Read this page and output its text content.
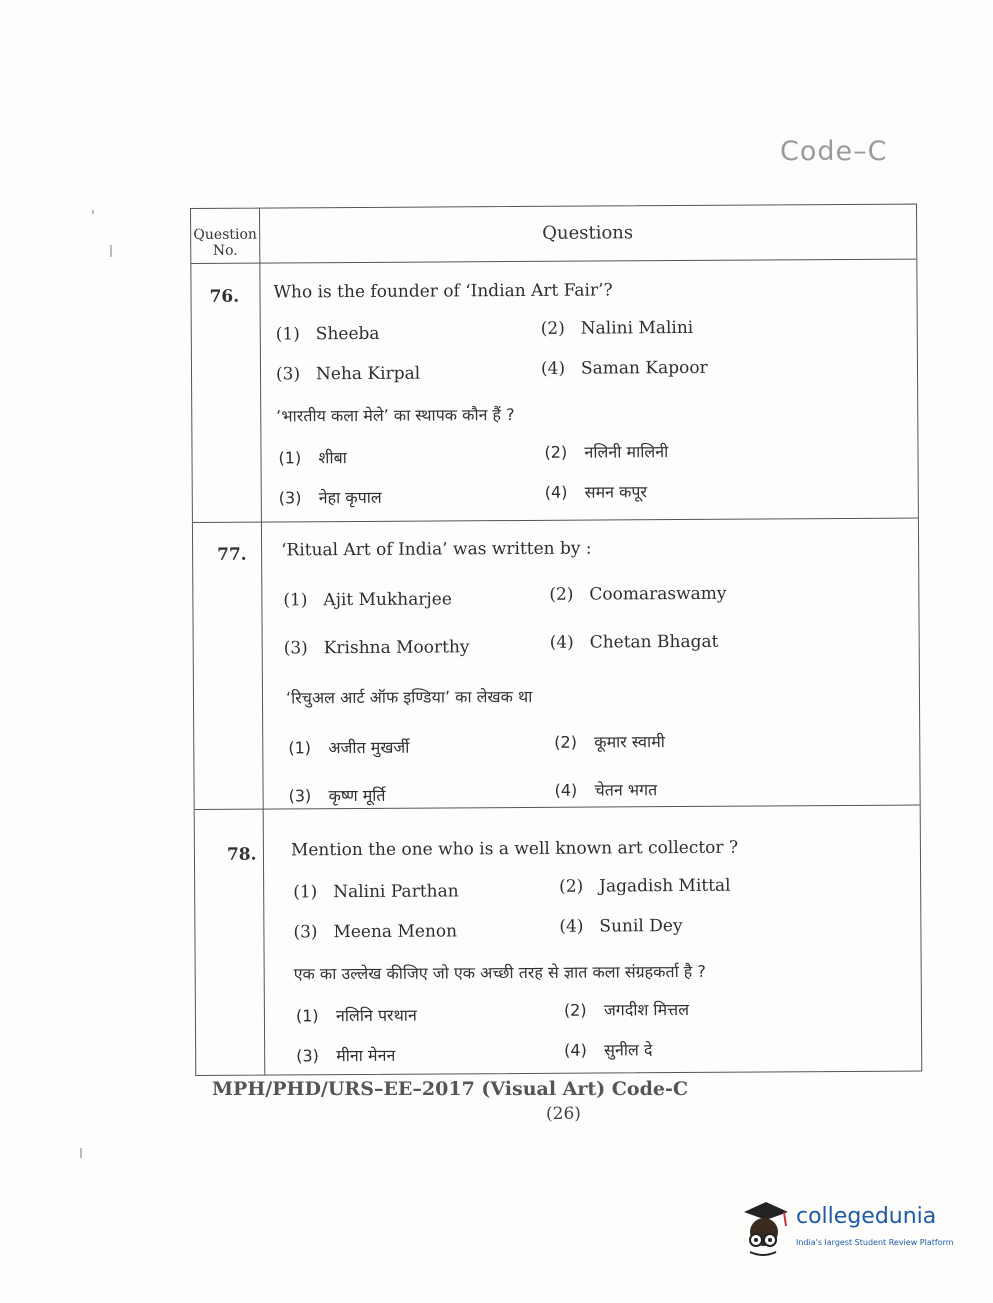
Code–C
Question No.
Questions
76. Who is the founder of ‘Indian Art Fair’?
(1) Sheeba	(2) Nalini Malini
(3) Neha Kirpal	(4) Saman Kapoor
‘भारतीय कला मेले’ का स्थापक कौन हैं ?
(1) शीबा	(2) नलिनी मालिनी
(3) नेहा कृपाल	(4) समन कपूर
77. ‘Ritual Art of India’ was written by :
(1) Ajit Mukharjee	(2) Coomaraswamy
(3) Krishna Moorthy	(4) Chetan Bhagat
‘रिचुअल आर्ट ऑफ इण्डिया’ का लेखक था
(1) अजीत मुखर्जी	(2) कूमार स्वामी
(3) कृष्ण मूर्ति	(4) चेतन भगत
78. Mention the one who is a well known art collector ?
(1) Nalini Parthan	(2) Jagadish Mittal
(3) Meena Menon	(4) Sunil Dey
एक का उल्लेख कीजिए जो एक अच्छी तरह से ज्ञात कला संग्रहकर्ता है ?
(1) नलिनि परथान	(2) जगदीश मित्तल
(3) मीना मेनन	(4) सुनील दे
MPH/PHD/URS–EE–2017 (Visual Art) Code-C
(26)
collegedunia
India's largest Student Review Platform
